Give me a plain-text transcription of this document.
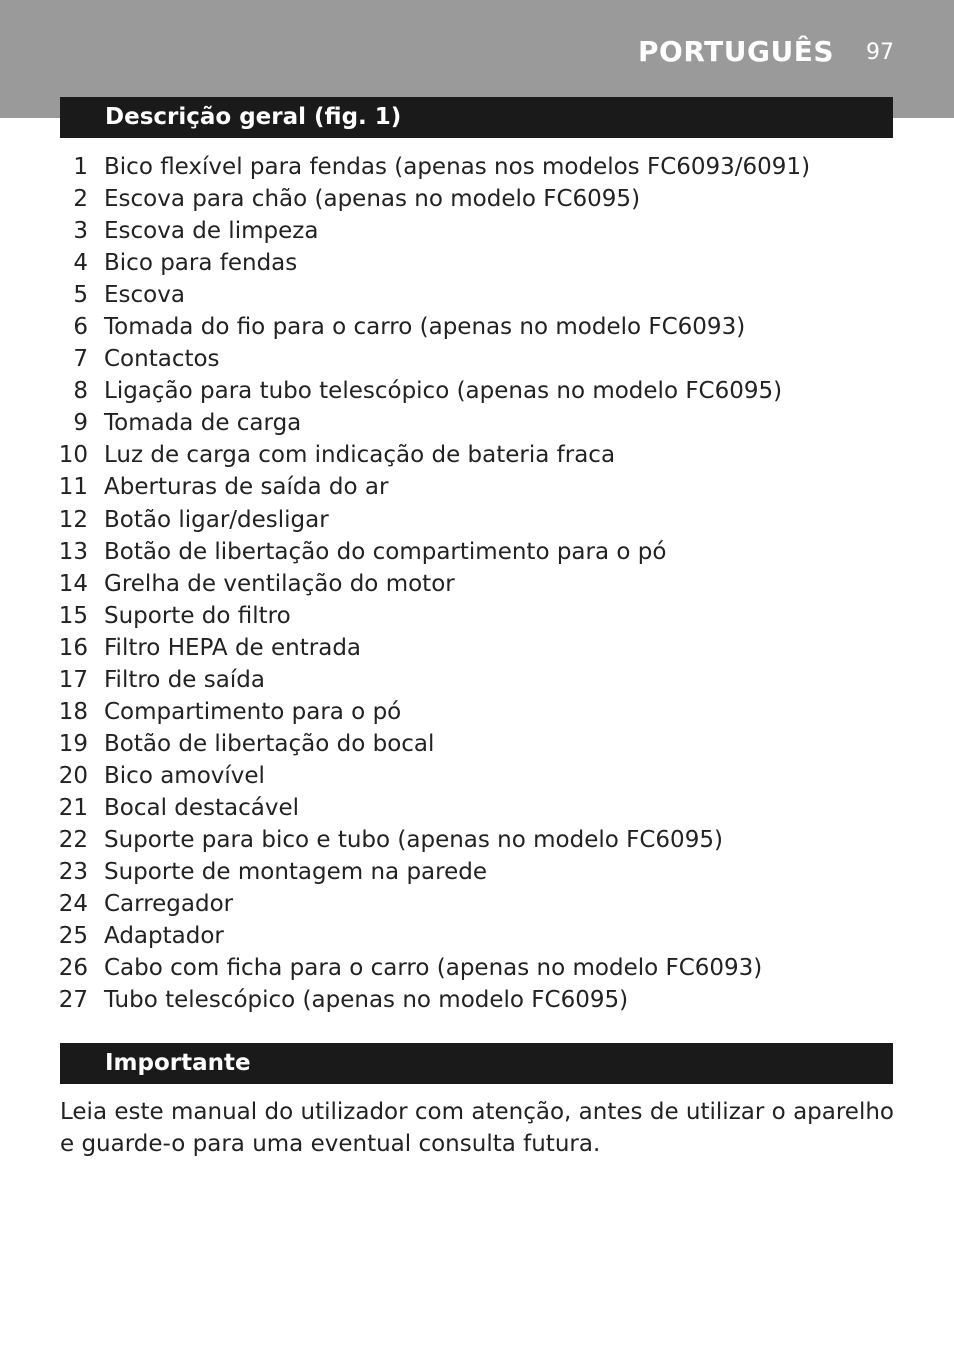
PORTUGUÊS 97
Descrição geral (fig. 1)
1 Bico flexível para fendas (apenas nos modelos FC6093/6091)
2 Escova para chão (apenas no modelo FC6095)
3 Escova de limpeza
4 Bico para fendas
5 Escova
6 Tomada do fio para o carro (apenas no modelo FC6093)
7 Contactos
8 Ligação para tubo telescópico (apenas no modelo FC6095)
9 Tomada de carga
10 Luz de carga com indicação de bateria fraca
11 Aberturas de saída do ar
12 Botão ligar/desligar
13 Botão de libertação do compartimento para o pó
14 Grelha de ventilação do motor
15 Suporte do filtro
16 Filtro HEPA de entrada
17 Filtro de saída
18 Compartimento para o pó
19 Botão de libertação do bocal
20 Bico amovível
21 Bocal destacável
22 Suporte para bico e tubo (apenas no modelo FC6095)
23 Suporte de montagem na parede
24 Carregador
25 Adaptador
26 Cabo com ficha para o carro (apenas no modelo FC6093)
27 Tubo telescópico (apenas no modelo FC6095)
Importante

Leia este manual do utilizador com atenção, antes de utilizar o aparelho e guarde-o para uma eventual consulta futura.
